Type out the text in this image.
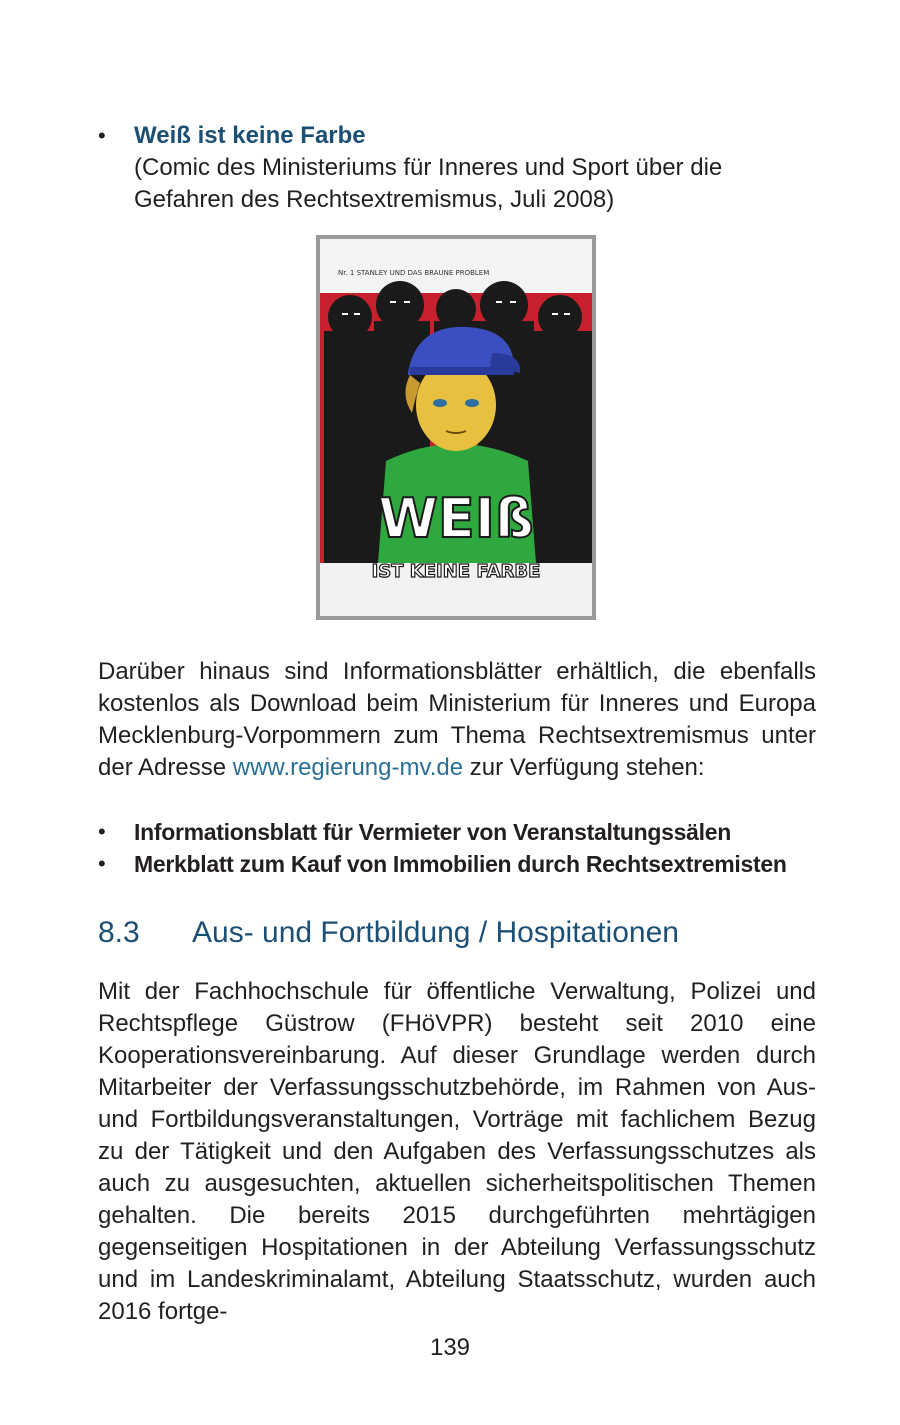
• Weiß ist keine Farbe
(Comic des Ministeriums für Inneres und Sport über die Gefahren des Rechtsextremismus, Juli 2008)
Nr. 1 STANLEY UND DAS BRAUNE PROBLEM
WEIß
IST KEINE FARBE

Darüber hinaus sind Informationsblätter erhältlich, die ebenfalls kostenlos als Download beim Ministerium für Inneres und Europa Mecklenburg-Vorpommern zum Thema Rechtsextremismus unter der Adresse www.regierung-mv.de zur Verfügung stehen:

• Informationsblatt für Vermieter von Veranstaltungssälen
• Merkblatt zum Kauf von Immobilien durch Rechtsextremisten
8.3 Aus- und Fortbildung / Hospitationen

Mit der Fachhochschule für öffentliche Verwaltung, Polizei und Rechtspflege Güstrow (FHöVPR) besteht seit 2010 eine Kooperationsvereinbarung. Auf dieser Grundlage werden durch Mitarbeiter der Verfassungsschutzbehörde, im Rahmen von Aus- und Fortbildungsveranstaltungen, Vorträge mit fachlichem Bezug zu der Tätigkeit und den Aufgaben des Verfassungsschutzes als auch zu ausgesuchten, aktuellen sicherheitspolitischen Themen gehalten. Die bereits 2015 durchgeführten mehrtägigen gegenseitigen Hospitationen in der Abteilung Verfassungsschutz und im Landeskriminalamt, Abteilung Staatsschutz, wurden auch 2016 fortge-

139
